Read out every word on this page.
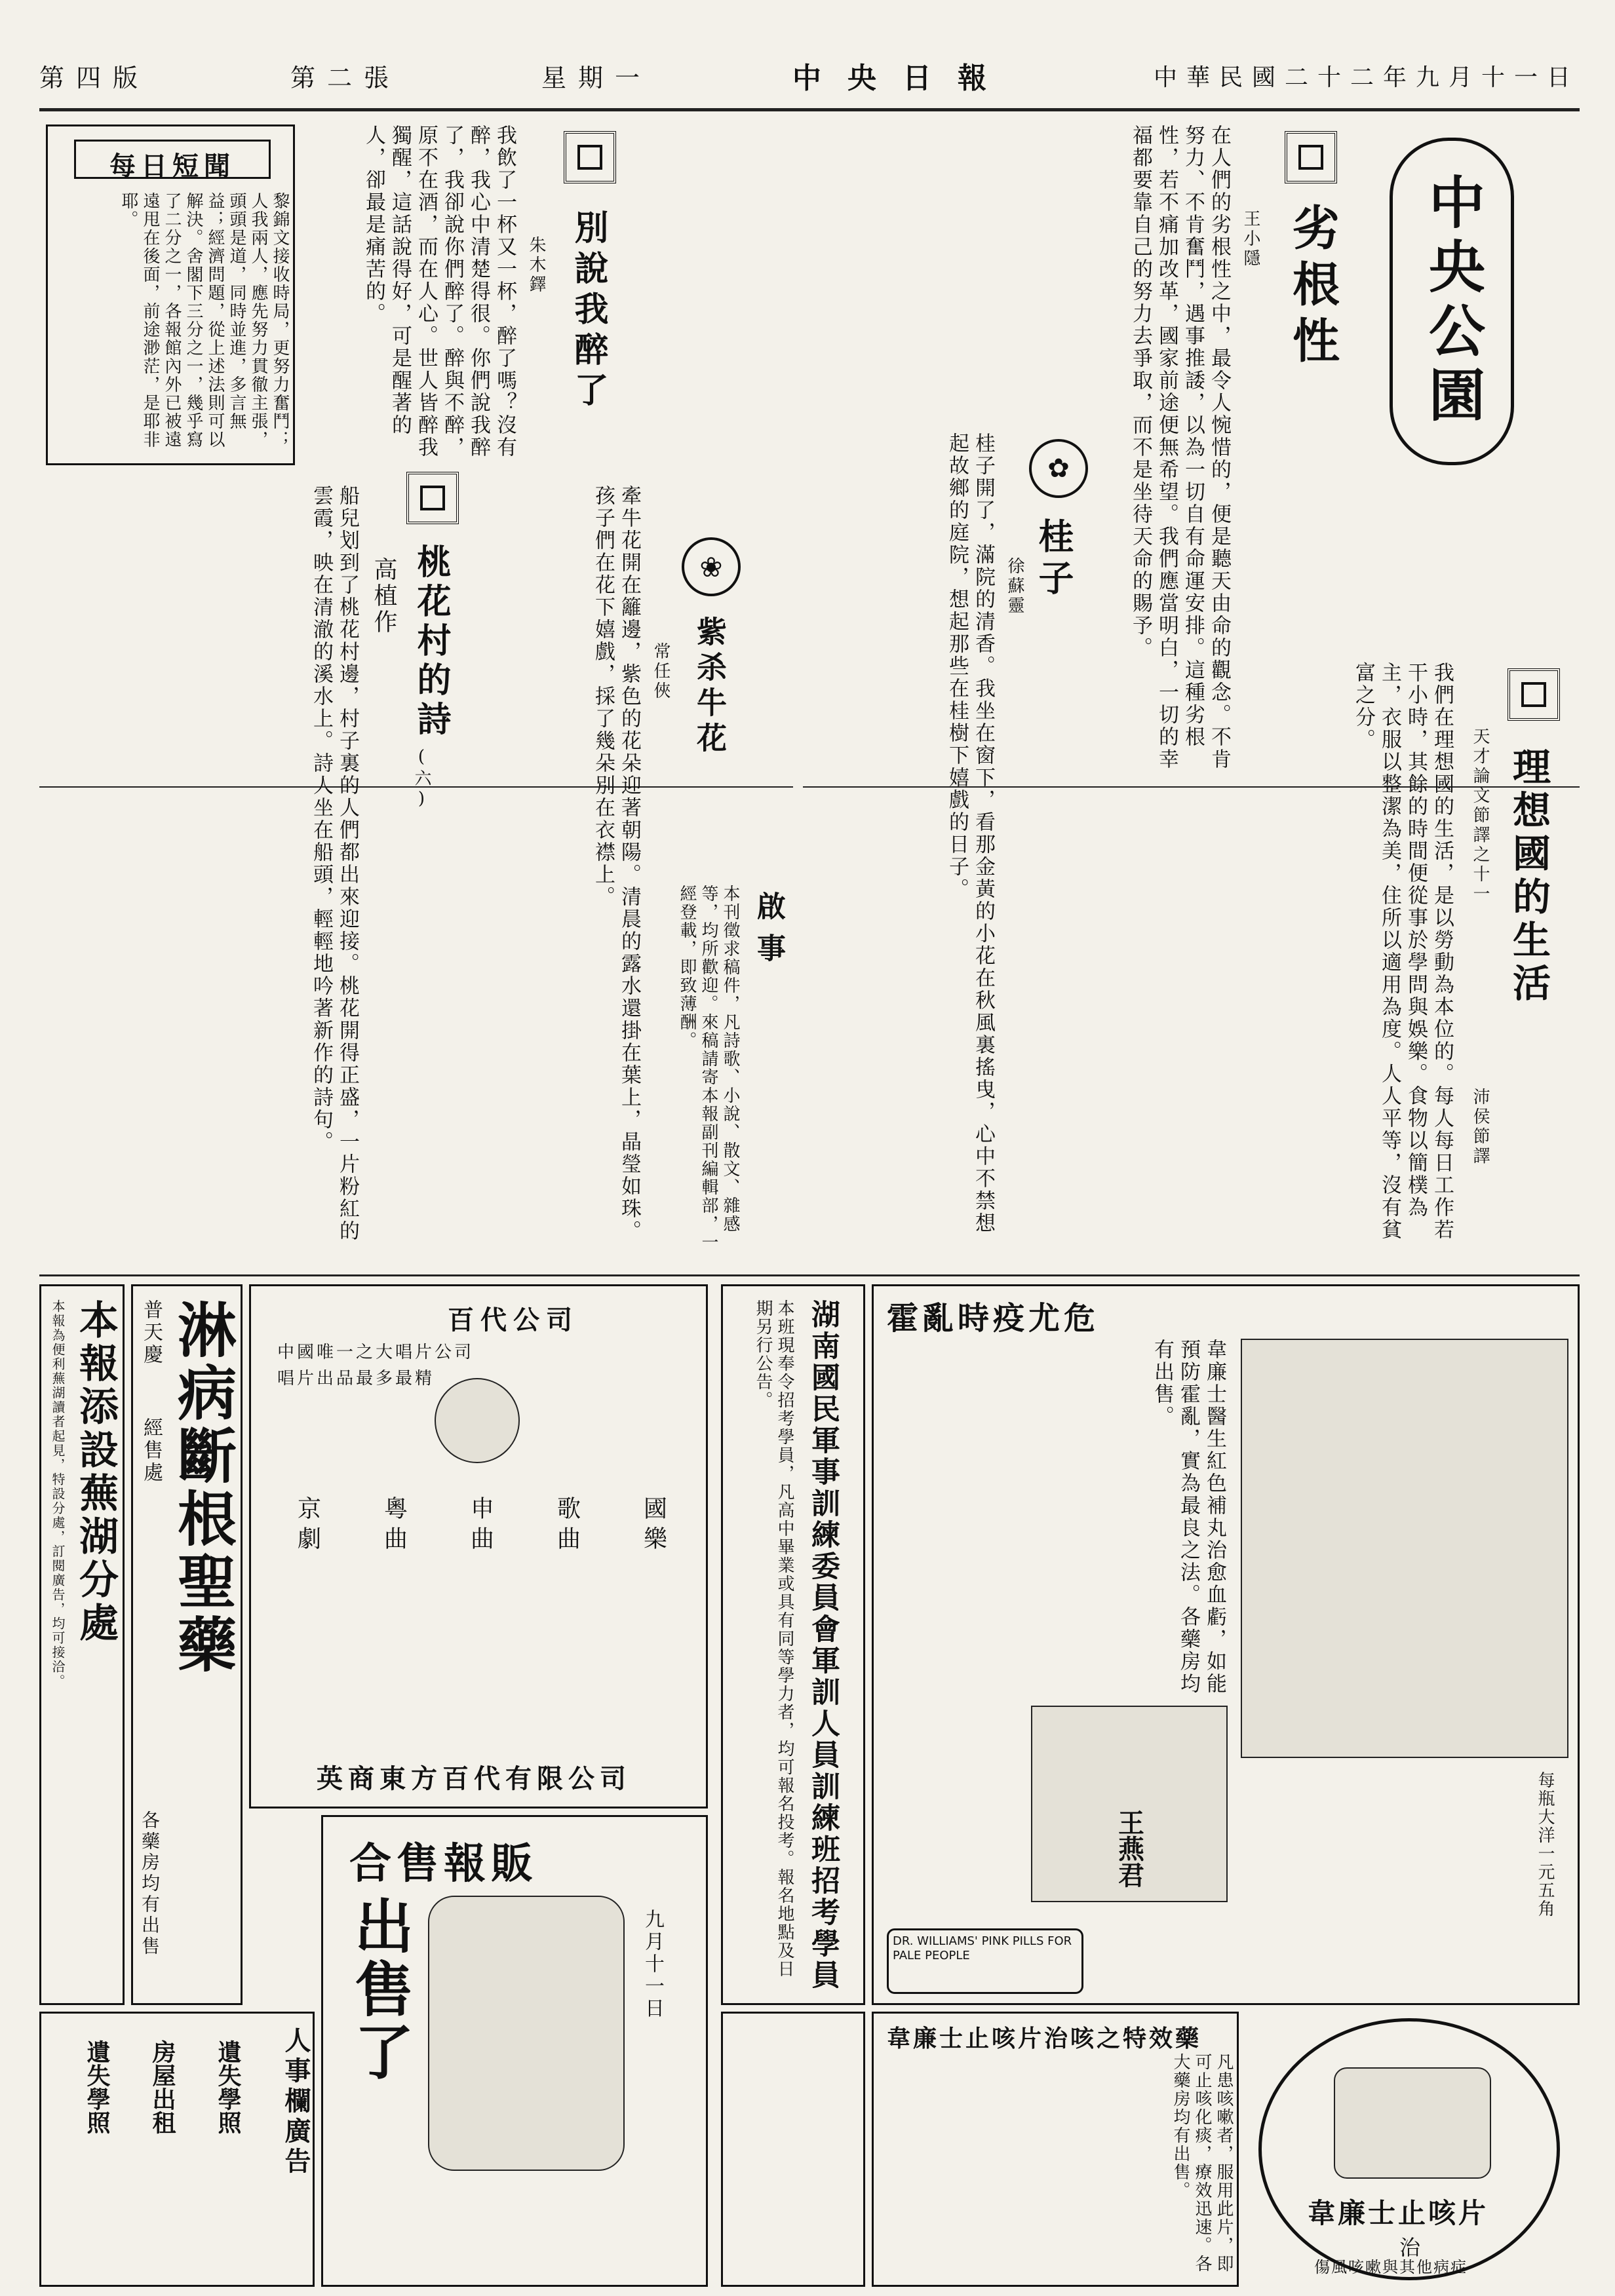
第四版	第二張	星期一	中央日報	中華民國二十二年九月十一日
中央公園
劣根性
王小隱
在人們的劣根性之中，最令人惋惜的，便是聽天由命的觀念。不肯努力、不肯奮鬥，遇事推諉，以為一切自有命運安排。這種劣根性，若不痛加改革，國家前途便無希望。我們應當明白，一切的幸福都要靠自己的努力去爭取，而不是坐待天命的賜予。
理想國的生活
天才論文節譯之十一
沛侯節譯
我們在理想國的生活，是以勞動為本位的。每人每日工作若干小時，其餘的時間便從事於學問與娛樂。食物以簡樸為主，衣服以整潔為美，住所以適用為度。人人平等，沒有貧富之分。
✿
桂子
徐蘇靈
桂子開了，滿院的清香。我坐在窗下，看那金黃的小花在秋風裏搖曳，心中不禁想起故鄉的庭院，想起那些在桂樹下嬉戲的日子。
別說我醉了
朱木鐸
我飲了一杯又一杯，醉了嗎？沒有醉，我心中清楚得很。你們說我醉了，我卻說你們醉了。醉與不醉，原不在酒，而在人心。世人皆醉我獨醒，這話說得好，可是醒著的人，卻最是痛苦的。
每日短聞
黎錦文接收時局，更努力奮鬥；人我兩人，應先努力貫徹主張，頭頭是道，同時並進，多言無益；經濟問題，從上述法則可以解決。舍閣下三分之一，幾乎寫了二分之一，各報館內外已被遠遠甩在後面，前途渺茫，是耶非耶。
桃花村的詩
(六)
高植作
船兒划到了桃花村邊，村子裏的人們都出來迎接。桃花開得正盛，一片粉紅的雲霞，映在清澈的溪水上。詩人坐在船頭，輕輕地吟著新作的詩句。	❀
紫杀牛花
常任俠
牽牛花開在籬邊，紫色的花朵迎著朝陽。清晨的露水還掛在葉上，晶瑩如珠。孩子們在花下嬉戲，採了幾朵別在衣襟上。
啟事
本刊徵求稿件，凡詩歌、小說、散文、雜感等，均所歡迎。來稿請寄本報副刊編輯部，一經登載，即致薄酬。
霍亂時疫尤危
韋廉士醫生紅色補丸治愈血虧，如能預防霍亂，實為最良之法。各藥房均有出售。
王燕君
DR. WILLIAMS' PINK PILLS FOR PALE PEOPLE
每瓶大洋一元五角
湖南國民軍事訓練委員會軍訓人員訓練班招考學員
本班現奉令招考學員，凡高中畢業或具有同等學力者，均可報名投考。報名地點及日期另行公告。
百代公司
中國唯一之大唱片公司
唱片出品最多最精
京劇	粵曲	申曲	歌曲	國樂
英商東方百代有限公司
淋病斷根聖藥
普天慶
經售處
各藥房均有出售
本報添設蕪湖分處
本報為便利蕪湖讀者起見，特設分處，訂閱廣告，均可接洽。
人事欄廣告
遺失學照
房屋出租
遺失學照
合售報販
出售了	九月十一日
韋廉士止咳片治咳之特效藥
凡患咳嗽者，服用此片，即可止咳化痰，療效迅速。各大藥房均有出售。
韋廉士止咳片
治
傷風咳嗽與其他病症
